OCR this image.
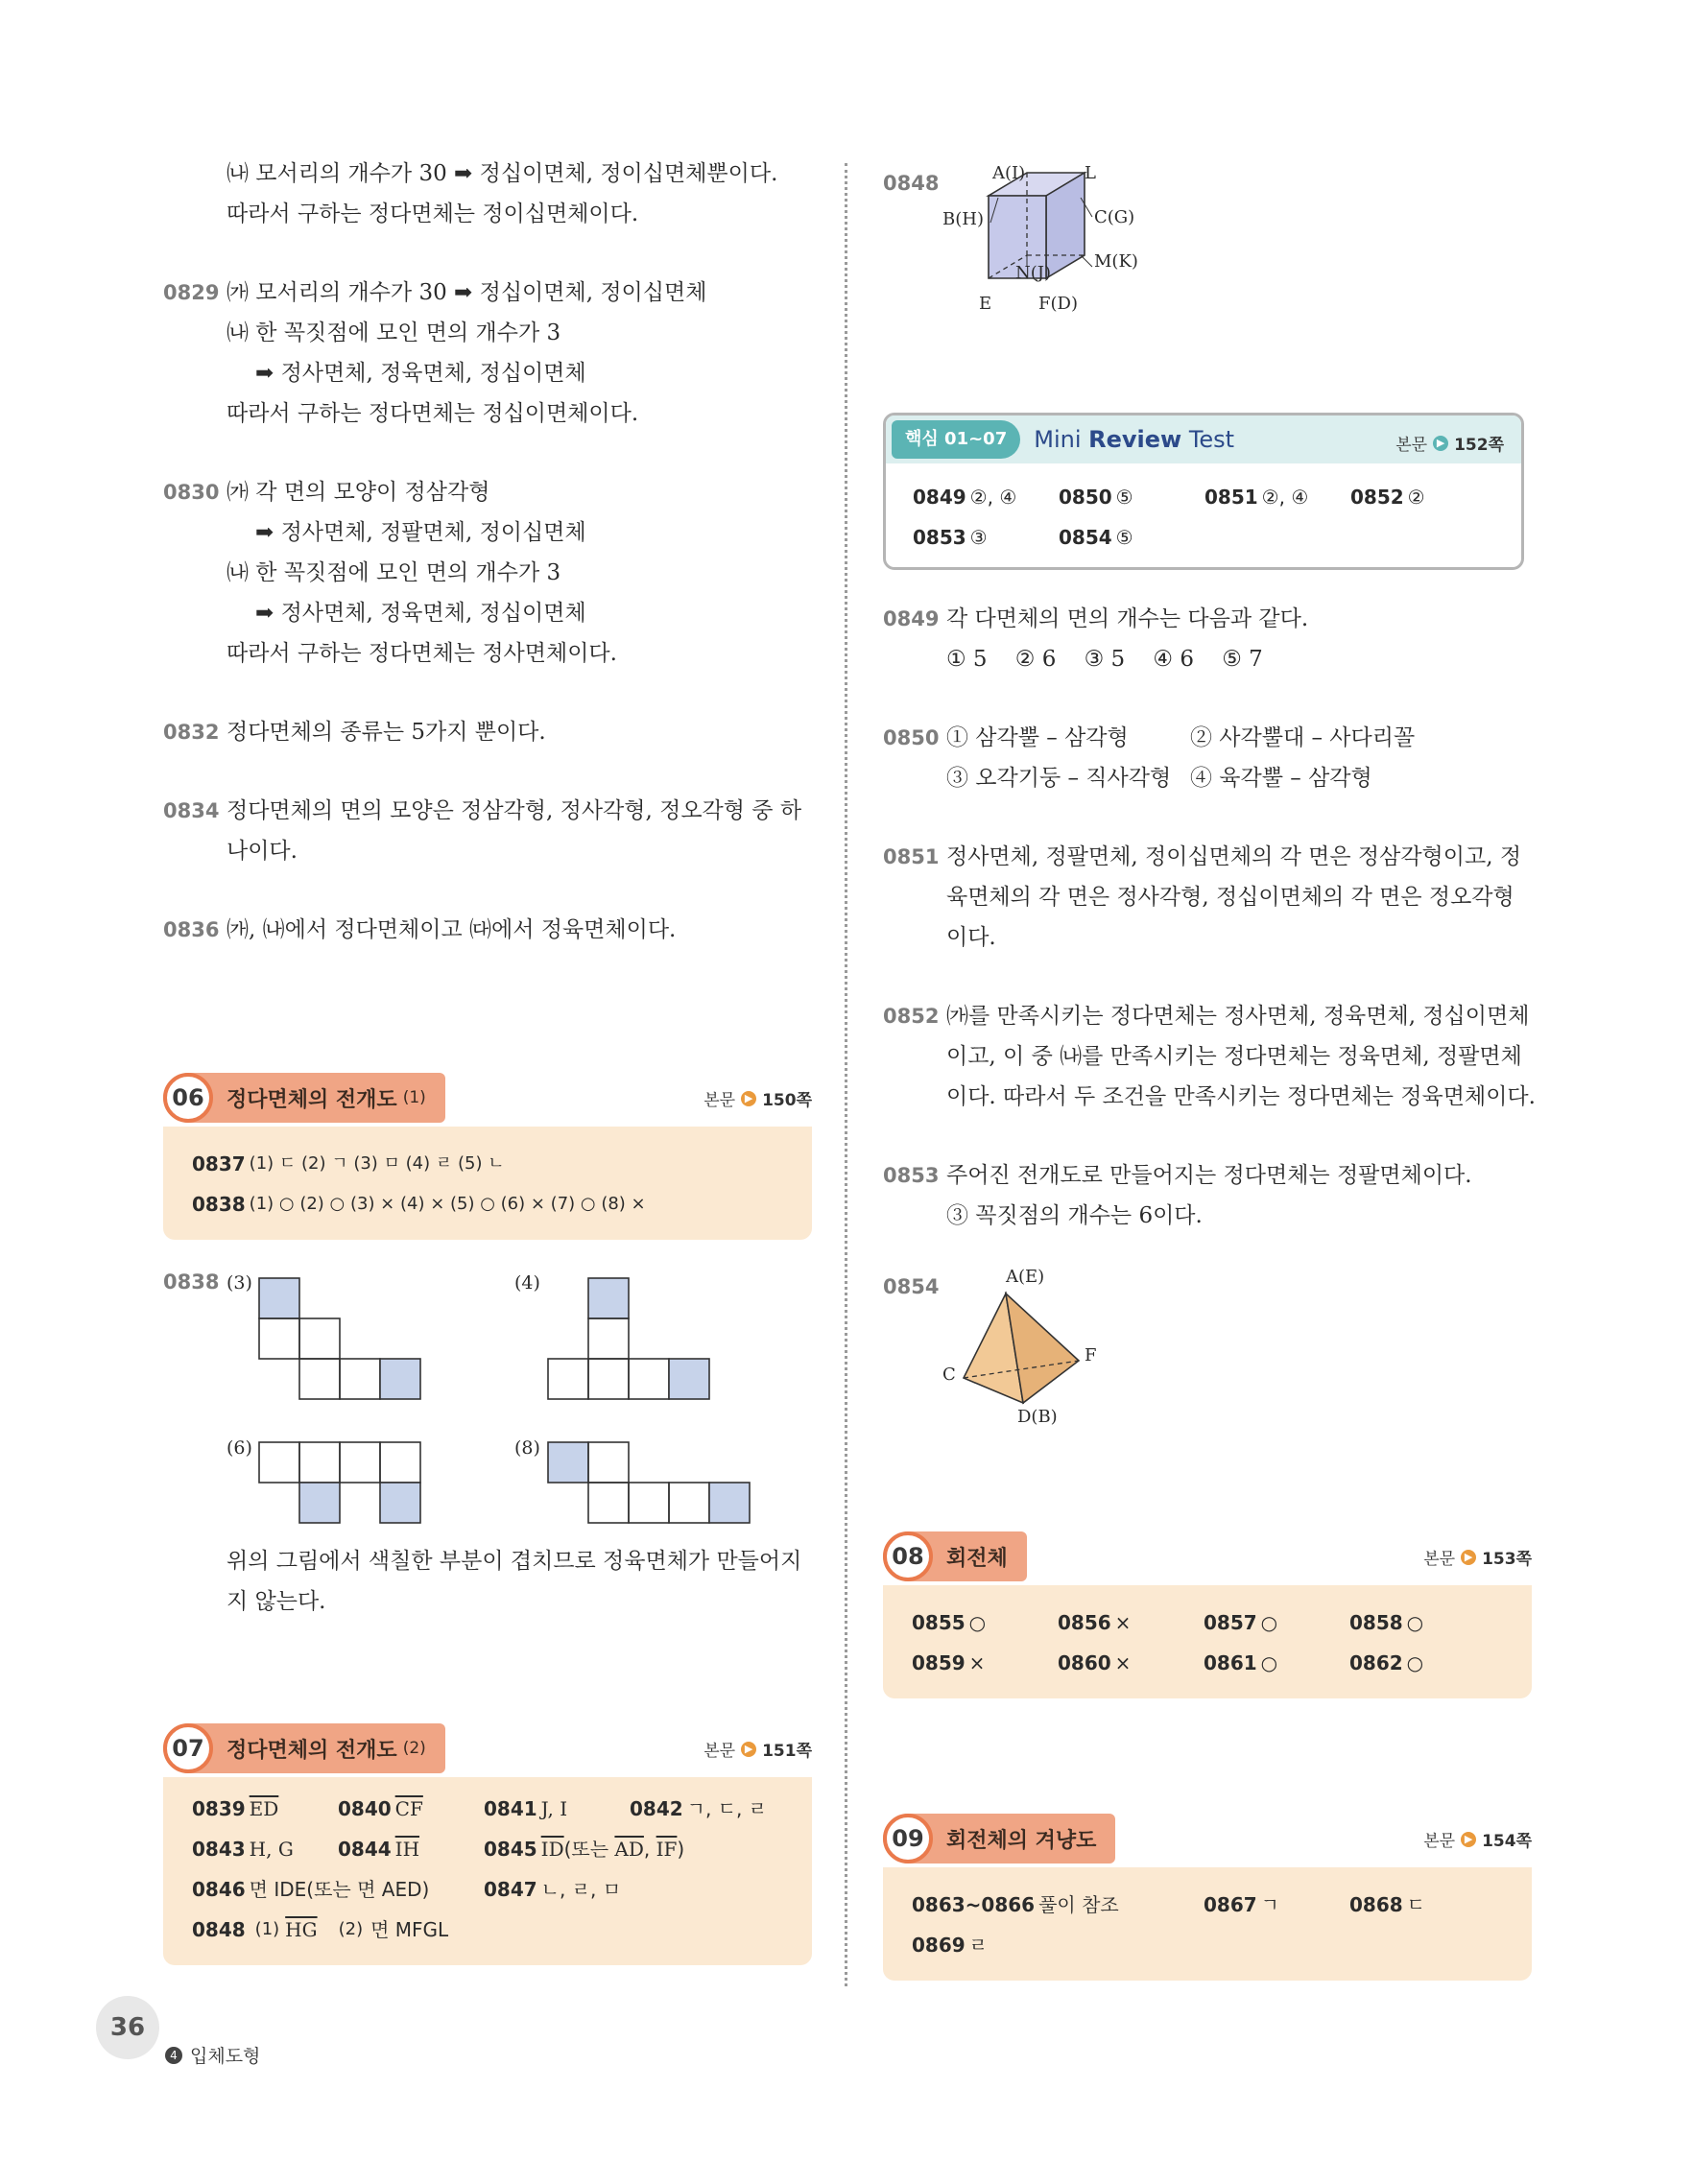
㈏ 모서리의 개수가 30 ➡ 정십이면체, 정이십면체뿐이다.
따라서 구하는 정다면체는 정이십면체이다.
0829 ㈎ 모서리의 개수가 30 ➡ 정십이면체, 정이십면체
㈏ 한 꼭짓점에 모인 면의 개수가 3
➡ 정사면체, 정육면체, 정십이면체
따라서 구하는 정다면체는 정십이면체이다.
0830 ㈎ 각 면의 모양이 정삼각형
➡ 정사면체, 정팔면체, 정이십면체
㈏ 한 꼭짓점에 모인 면의 개수가 3
➡ 정사면체, 정육면체, 정십이면체
따라서 구하는 정다면체는 정사면체이다.
0832 정다면체의 종류는 5가지 뿐이다.
0834 정다면체의 면의 모양은 정삼각형, 정사각형, 정오각형 중 하
나이다.
0836 ㈎, ㈏에서 정다면체이고 ㈐에서 정육면체이다.
06	정다면체의 전개도 (1)	본문 ▶ 150쪽
0837 (1) ㄷ (2) ㄱ (3) ㅁ (4) ㄹ (5) ㄴ
0838 (1) ○ (2) ○ (3) × (4) × (5) ○ (6) × (7) ○ (8) ×
0838 (3)	(4)
(6)	(8)
위의 그림에서 색칠한 부분이 겹치므로 정육면체가 만들어지
지 않는다.
07	정다면체의 전개도 (2)	본문 ▶ 151쪽
0839 $\overline{ED}$	0840 $\overline{CF}$	0841 J, I	0842 ㄱ, ㄷ, ㄹ
0843 H, G	0844 $\overline{IH}$	0845 $\overline{ID}$(또는 $\overline{AD}$, $\overline{IF}$)
0846 면 IDE(또는 면 AED)	0847 ㄴ, ㄹ, ㅁ
0848 (1) $\overline{HG}$ (2) 면 MFGL
0848	A(I)	L
B(H)	C(G)
M(K)
N(J)
E	F(D)
핵심 01~07	Mini Review Test	본문 ▶ 152쪽
0849 ②, ④	0850 ⑤	0851 ②, ④	0852 ②
0853 ③	0854 ⑤
0849 각 다면체의 면의 개수는 다음과 같다.
① 5    ② 6    ③ 5    ④ 6    ⑤ 7
0850 ① 삼각뿔 – 삼각형	② 사각뿔대 – 사다리꼴
③ 오각기둥 – 직사각형 ④ 육각뿔 – 삼각형
0851 정사면체, 정팔면체, 정이십면체의 각 면은 정삼각형이고, 정
육면체의 각 면은 정사각형, 정십이면체의 각 면은 정오각형
이다.
0852 ㈎를 만족시키는 정다면체는 정사면체, 정육면체, 정십이면체
이고, 이 중 ㈏를 만족시키는 정다면체는 정육면체, 정팔면체
이다. 따라서 두 조건을 만족시키는 정다면체는 정육면체이다.
0853 주어진 전개도로 만들어지는 정다면체는 정팔면체이다.
③ 꼭짓점의 개수는 6이다.
0854	A(E)
F
C
D(B)
08	회전체	본문 ▶ 153쪽
0855 ○	0856 ×	0857 ○	0858 ○
0859 ×	0860 ×	0861 ○	0862 ○
09	회전체의 겨냥도	본문 ▶ 154쪽
0863~0866 풀이 참조	0867 ㄱ	0868 ㄷ
0869 ㄹ
36
4 입체도형
